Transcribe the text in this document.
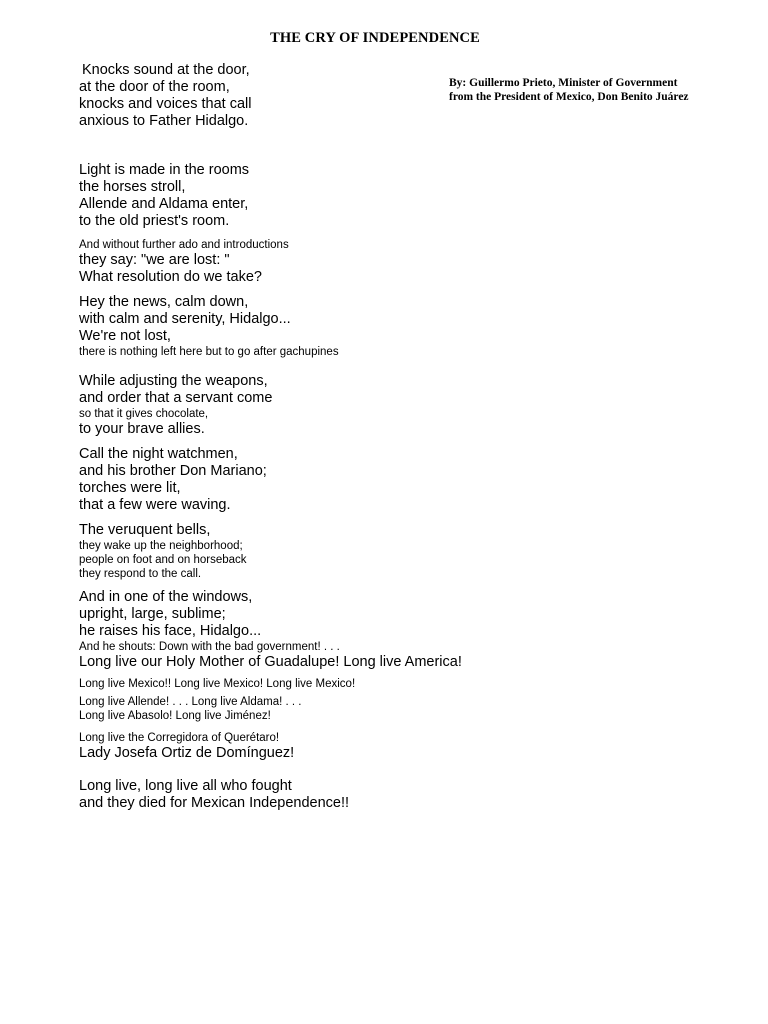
THE CRY OF INDEPENDENCE
By: Guillermo Prieto, Minister of Government
from the President of Mexico, Don Benito Juárez
Knocks sound at the door,
at the door of the room,
knocks and voices that call
anxious to Father Hidalgo.
Light is made in the rooms
the horses stroll,
Allende and Aldama enter,
to the old priest's room.
And without further ado and introductions
they say: "we are lost: "
What resolution do we take?
Hey the news, calm down,
with calm and serenity, Hidalgo...
We're not lost,
there is nothing left here but to go after gachupines
While adjusting the weapons,
and order that a servant come
so that it gives chocolate,
to your brave allies.
Call the night watchmen,
and his brother Don Mariano;
torches were lit,
that a few were waving.
The veruquent bells,
they wake up the neighborhood;
people on foot and on horseback
they respond to the call.
And in one of the windows,
upright, large, sublime;
he raises his face, Hidalgo...
And he shouts: Down with the bad government! . . .
Long live our Holy Mother of Guadalupe! Long live America!
Long live Mexico!! Long live Mexico! Long live Mexico!
Long live Allende! . . . Long live Aldama! . . .
Long live Abasolo! Long live Jiménez!
Long live the Corregidora of Querétaro!
Lady Josefa Ortiz de Domínguez!
Long live, long live all who fought
and they died for Mexican Independence!!
